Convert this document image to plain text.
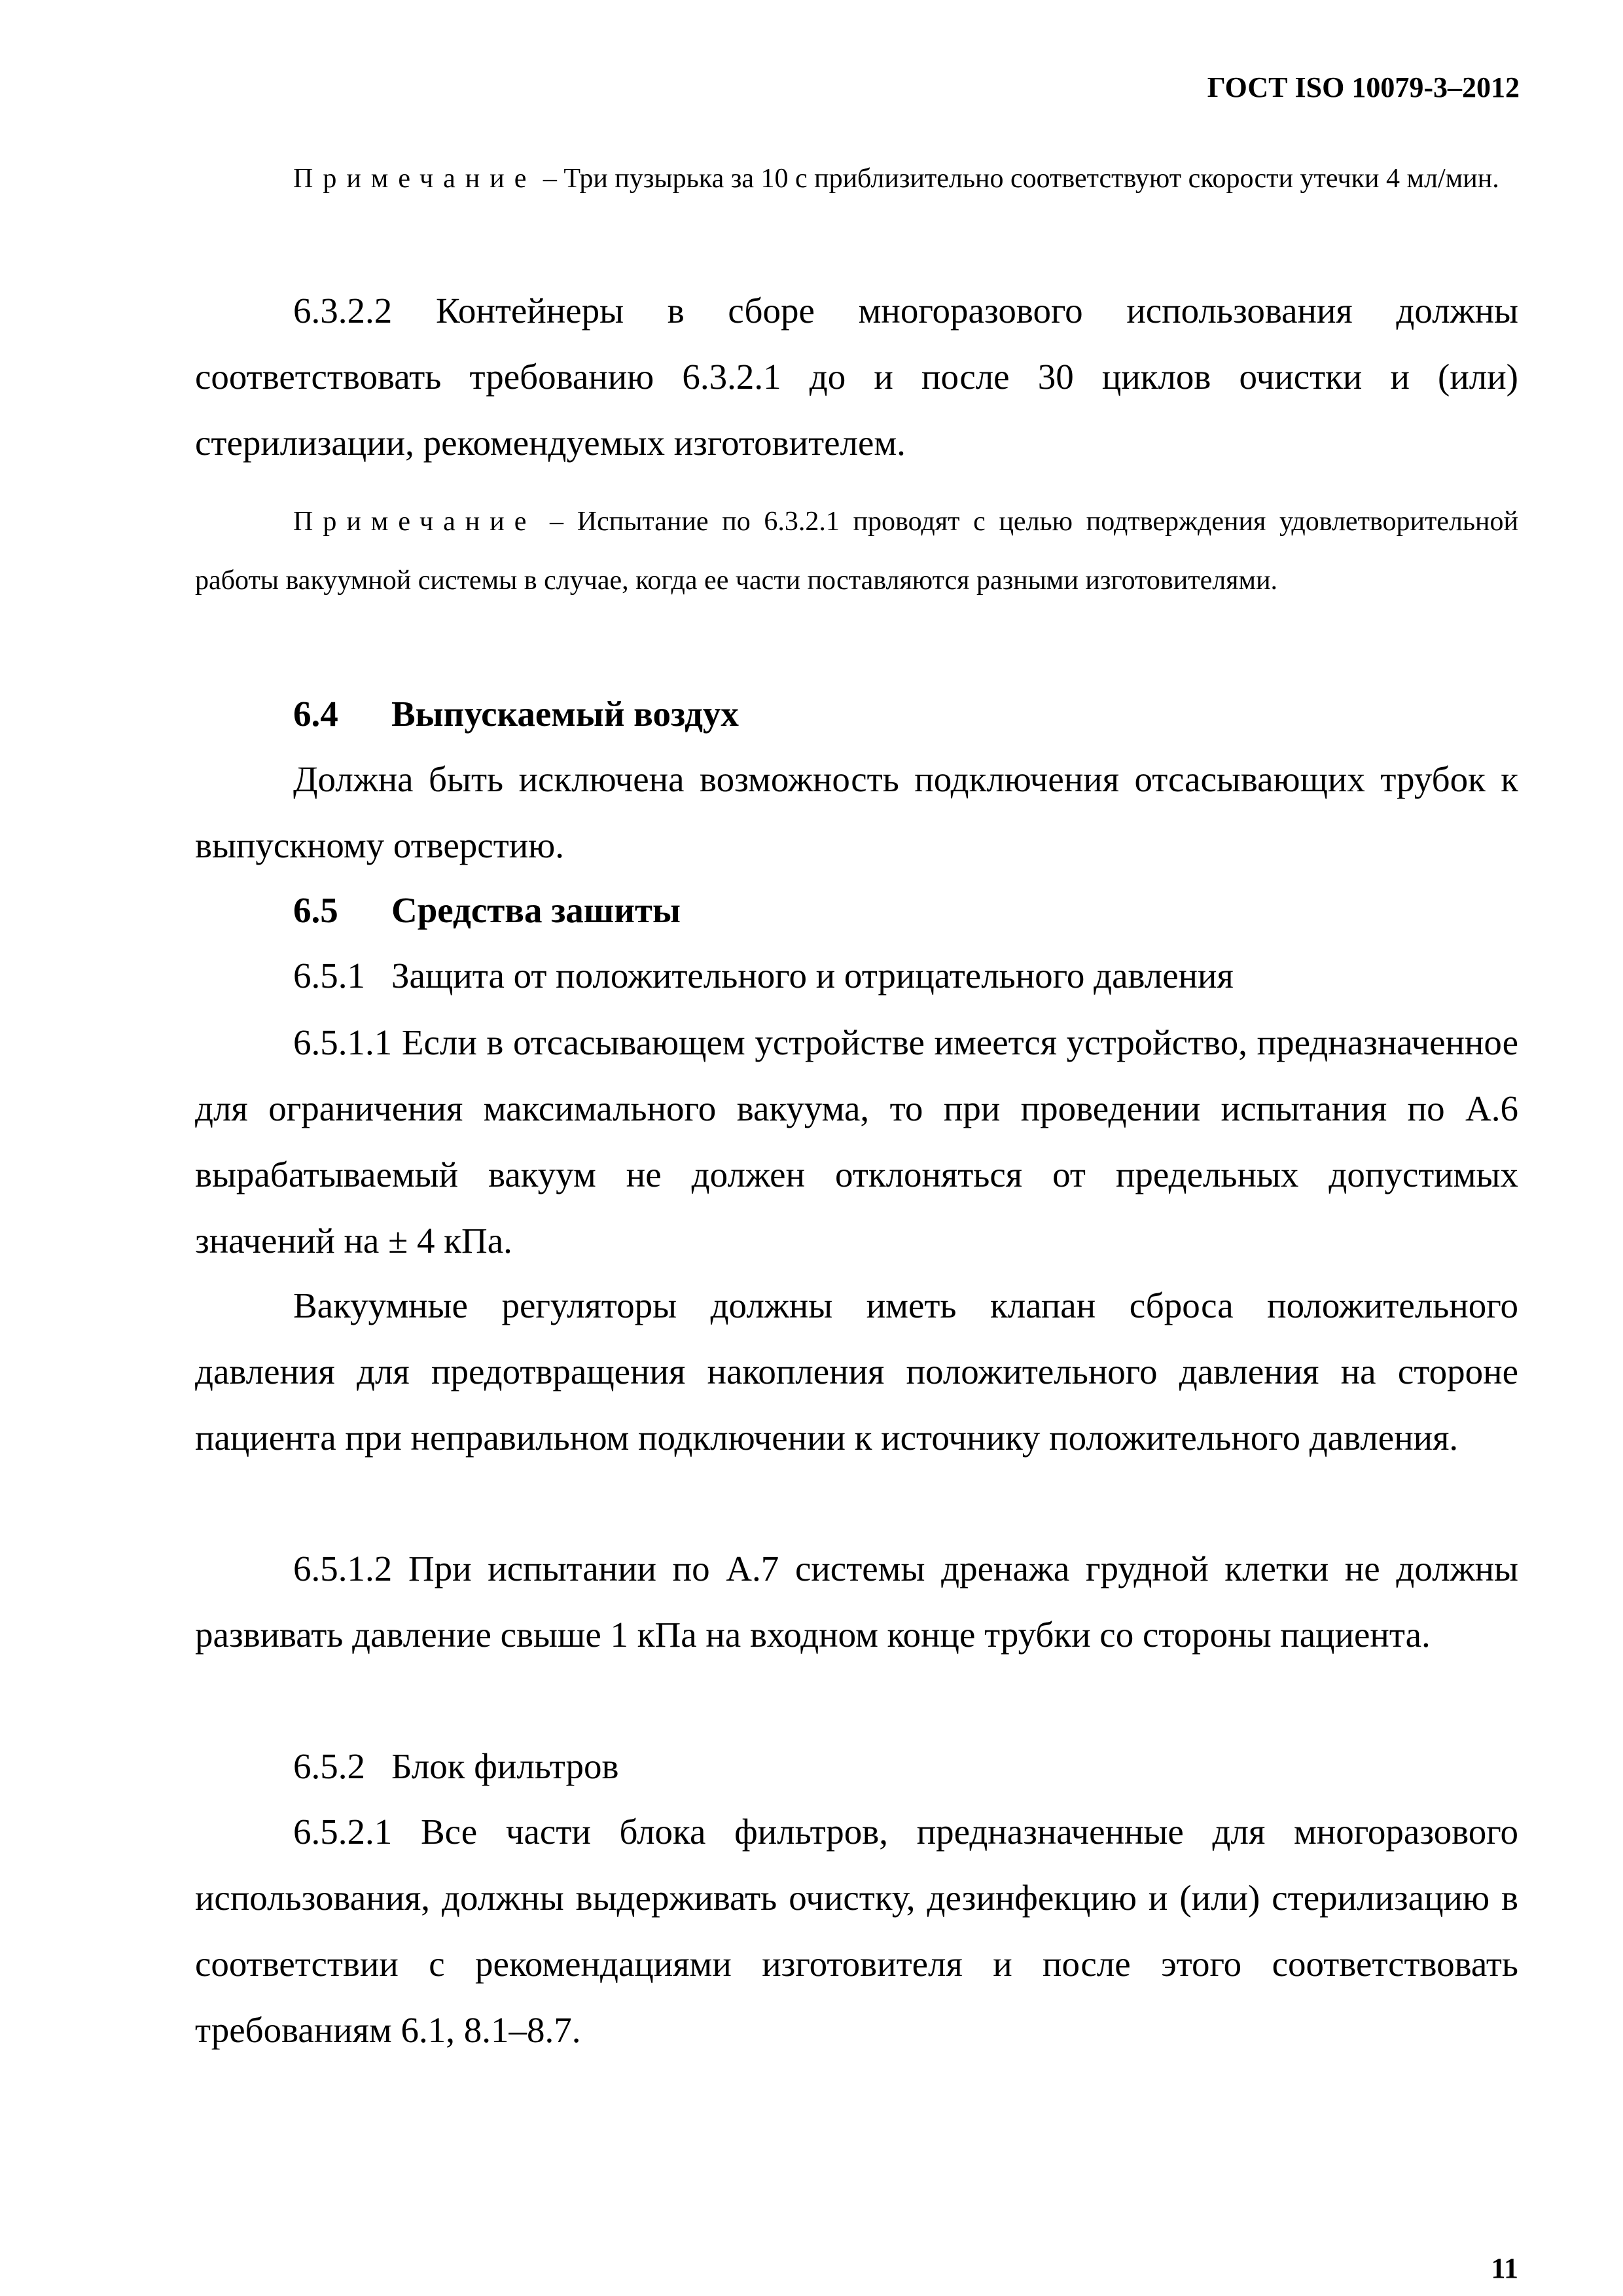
ГОСТ ISO 10079-3–2012
Примечание – Три пузырька за 10 с приблизительно соответствуют скорости утечки 4 мл/мин.
6.3.2.2 Контейнеры в сборе многоразового использования должны соответствовать требованию 6.3.2.1 до и после 30 циклов очистки и (или) стерилизации, рекомендуемых изготовителем.
Примечание – Испытание по 6.3.2.1 проводят с целью подтверждения удовлетворительной работы вакуумной системы в случае, когда ее части поставляются разными изготовителями.
6.4 Выпускаемый воздух
Должна быть исключена возможность подключения отсасывающих трубок к выпускному отверстию.
6.5 Средства зашиты
6.5.1 Защита от положительного и отрицательного давления
6.5.1.1 Если в отсасывающем устройстве имеется устройство, предназначенное для ограничения максимального вакуума, то при проведении испытания по А.6 вырабатываемый вакуум не должен отклоняться от предельных допустимых значений на ± 4 кПа.
Вакуумные регуляторы должны иметь клапан сброса положительного давления для предотвращения накопления положительного давления на стороне пациента при неправильном подключении к источнику положительного давления.
6.5.1.2 При испытании по А.7 системы дренажа грудной клетки не должны развивать давление свыше 1 кПа на входном конце трубки со стороны пациента.
6.5.2 Блок фильтров
6.5.2.1 Все части блока фильтров, предназначенные для многоразового использования, должны выдерживать очистку, дезинфекцию и (или) стерилизацию в соответствии с рекомендациями изготовителя и после этого соответствовать требованиям 6.1, 8.1–8.7.
11
